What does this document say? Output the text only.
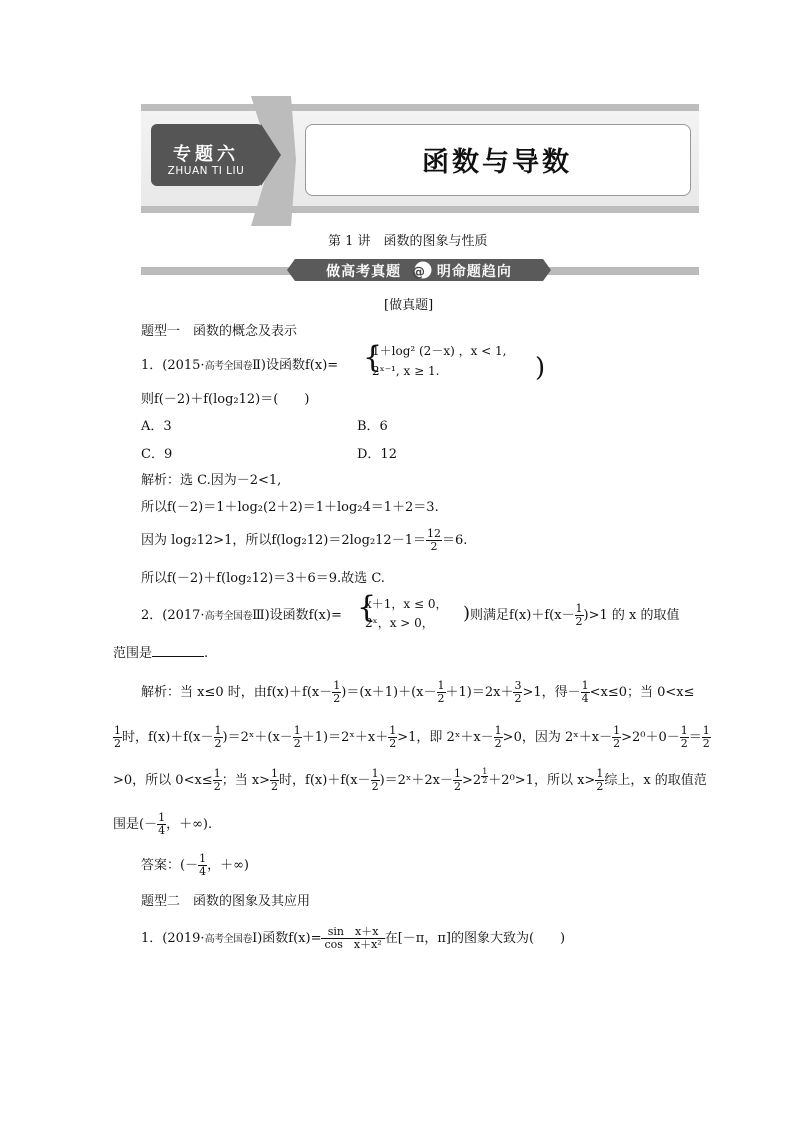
专题六
ZHUAN TI LIU	函数与导数
第 1 讲　函数的图象与性质
做高考真题 @ 明命题趋向
[做真题]
题型一　函数的概念及表示
1．(2015·高考全国卷Ⅱ)设函数f(x)= {
1＋log² (2－x) ，x < 1,
2ˣ⁻¹, x ≥ 1.	)
则f(－2)＋f(log₂12)＝(　　)
A．3	B．6
C．9	D．12
解析：选 C.因为－2<1,
所以f(－2)＝1＋log₂(2＋2)＝1＋log₂4＝1＋2＝3.
因为 log₂12>1，所以$f(\log_212)=2\log_212-1= \frac{12}{2} =6$.
所以f(－2)＋f(log₂12)＝3＋6＝9.故选 C.
2．(2017·高考全国卷Ⅲ)设函数f(x)= {
x＋1，x ≤ 0，
2ˣ，x > 0， )则满足$f(x)+f(x- \frac{1}{2} )>1$ 的 x 的取值
范围是	.
解析：当 x≤0 时，由$f(x)+f(x- \frac{1}{2} )=(x+1)+(x- \frac{1}{2} +1)=2x+ \frac{3}{2} >1$，得－ $\frac{1}{4} <x\le 0$；当 0<x≤
$\frac{1}{2}$ 时，$f(x)+f(x- \frac{1}{2}$ )＝2ˣ＋(x－ $\frac{1}{2}$ ＋1)＝2ˣ＋x＋ $\frac{1}{2} >1$，即 2ˣ＋x－ $\frac{1}{2} >0$，因为 2ˣ＋x－ $\frac{1}{2} >2^0+0- \frac{1}{2} = \frac{1}{2}$
>0，所以 $0<x\le \frac{1}{2}$ ；当 $x> \frac{1}{2}$ 时，$f(x)+f(x- \frac{1}{2}$ )＝2ˣ＋2x－ $\frac{1}{2} >2 \frac{1}{2} +2^0>1$，所以 $x> \frac{1}{2}$ 综上，x 的取值范
围是(－ $\frac{1}{4}$ ，＋∞).
答案：(－ $\frac{1}{4}$ ，＋∞)
题型二　函数的图象及其应用
1．(2019·高考全国卷Ⅰ)函数$f(x)= \frac{\text{sin　x＋x}}{\text{cos　x＋x²}}$ 在[－π，π]的图象大致为(　　)
